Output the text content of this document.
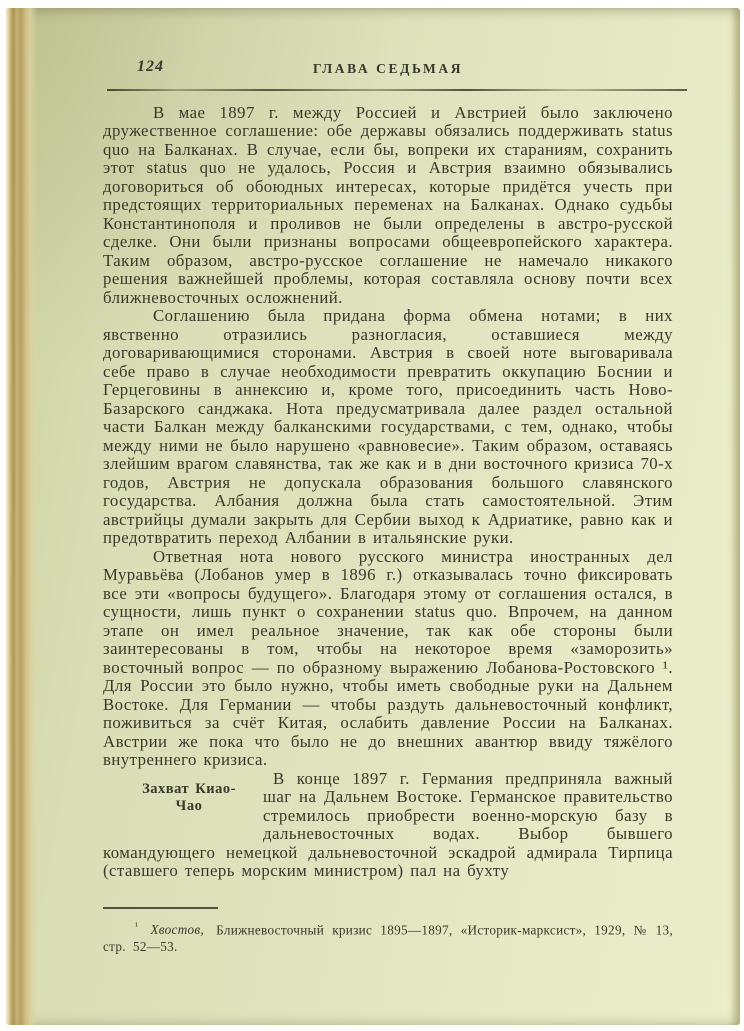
124	ГЛАВА СЕДЬМАЯ

В мае 1897 г. между Россией и Австрией было заключено дружественное соглашение: обе державы обязались поддерживать status quo на Балканах. В случае, если бы, вопреки их стараниям, сохранить этот status quo не удалось, Россия и Австрия взаимно обязывались договориться об обоюдных интересах, которые придётся учесть при предстоящих территориальных переменах на Балканах. Однако судьбы Константинополя и проливов не были определены в австро-русской сделке. Они были признаны вопросами общеевропейского характера. Таким образом, австро-русское соглашение не намечало никакого решения важнейшей проблемы, которая составляла основу почти всех ближневосточных осложнений.

Соглашению была придана форма обмена нотами; в них явственно отразились разногласия, оставшиеся между договаривающимися сторонами. Австрия в своей ноте выговаривала себе право в случае необходимости превратить оккупацию Боснии и Герцеговины в аннексию и, кроме того, присоединить часть Ново-Базарского санджака. Нота предусматривала далее раздел остальной части Балкан между балканскими государствами, с тем, однако, чтобы между ними не было нарушено «равновесие». Таким образом, оставаясь злейшим врагом славянства, так же как и в дни восточного кризиса 70-х годов, Австрия не допускала образования большого славянского государства. Албания должна была стать самостоятельной. Этим австрийцы думали закрыть для Сербии выход к Адриатике, равно как и предотвратить переход Албании в итальянские руки.

Ответная нота нового русского министра иностранных дел Муравьёва (Лобанов умер в 1896 г.) отказывалась точно фиксировать все эти «вопросы будущего». Благодаря этому от соглашения остался, в сущности, лишь пункт о сохранении status quo. Впрочем, на данном этапе он имел реальное значение, так как обе стороны были заинтересованы в том, чтобы на некоторое время «заморозить» восточный вопрос — по образному выражению Лобанова-Ростовского ¹. Для России это было нужно, чтобы иметь свободные руки на Дальнем Востоке. Для Германии — чтобы раздуть дальневосточный конфликт, поживиться за счёт Китая, ослабить давление России на Балканах. Австрии же пока что было не до внешних авантюр ввиду тяжёлого внутреннего кризиса.

Захват Киао-Чао
В конце 1897 г. Германия предприняла важный шаг на Дальнем Востоке. Германское правительство стремилось приобрести военно-морскую базу в дальневосточных водах. Выбор бывшего командующего немецкой дальневосточной эскадрой адмирала Тирпица (ставшего теперь морским министром) пал на бухту

$^{^1}$ Хвостов, Ближневосточный кризис 1895—1897, «Историк-марксист», 1929, № 13, стр. 52—53.
